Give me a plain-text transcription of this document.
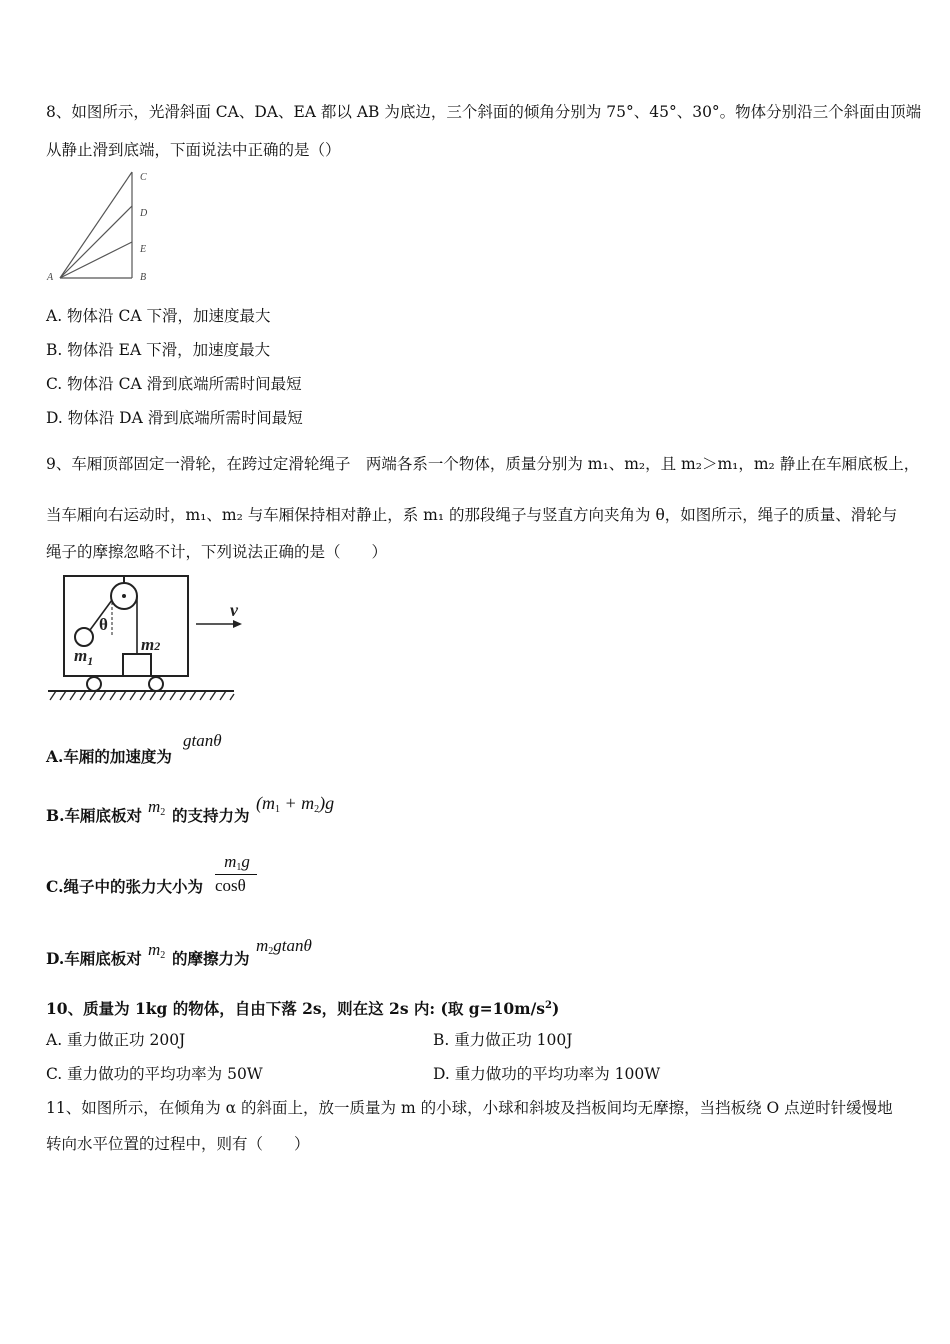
8、如图所示，光滑斜面 CA、DA、EA 都以 AB 为底边，三个斜面的倾角分别为 75°、45°、30°。物体分别沿三个斜面由顶端
从静止滑到底端，下面说法中正确的是（）
C
D
E
A	B
A. 物体沿 CA 下滑，加速度最大
B. 物体沿 EA 下滑，加速度最大
C. 物体沿 CA 滑到底端所需时间最短
D. 物体沿 DA 滑到底端所需时间最短
9、车厢顶部固定一滑轮，在跨过定滑轮绳子　两端各系一个物体，质量分别为 m₁、m₂，且 m₂＞m₁，m₂ 静止在车厢底板上，
当车厢向右运动时，m₁、m₂ 与车厢保持相对静止，系 m₁ 的那段绳子与竖直方向夹角为 θ，如图所示，绳子的质量、滑轮与
绳子的摩擦忽略不计，下列说法正确的是（　　）
θ
$m_1$
m2
v
A.车厢的加速度为
gtanθ
B.车厢底板对 $m_2$ 的支持力为
$(m_1 + m_2)g$
C.绳子中的张力大小为
$m_1g$
cosθ
D.车厢底板对 $m_2$ 的摩擦力为
$m_2gtan\theta$
10、质量为 1kg 的物体，自由下落 2s，则在这 2s 内: (取 $g=10m/s^2$)
A. 重力做正功 200J	B. 重力做正功 100J
C. 重力做功的平均功率为 50W	D. 重力做功的平均功率为 100W
11、如图所示，在倾角为 α 的斜面上，放一质量为 m 的小球，小球和斜坡及挡板间均无摩擦，当挡板绕 O 点逆时针缓慢地
转向水平位置的过程中，则有（　　）
